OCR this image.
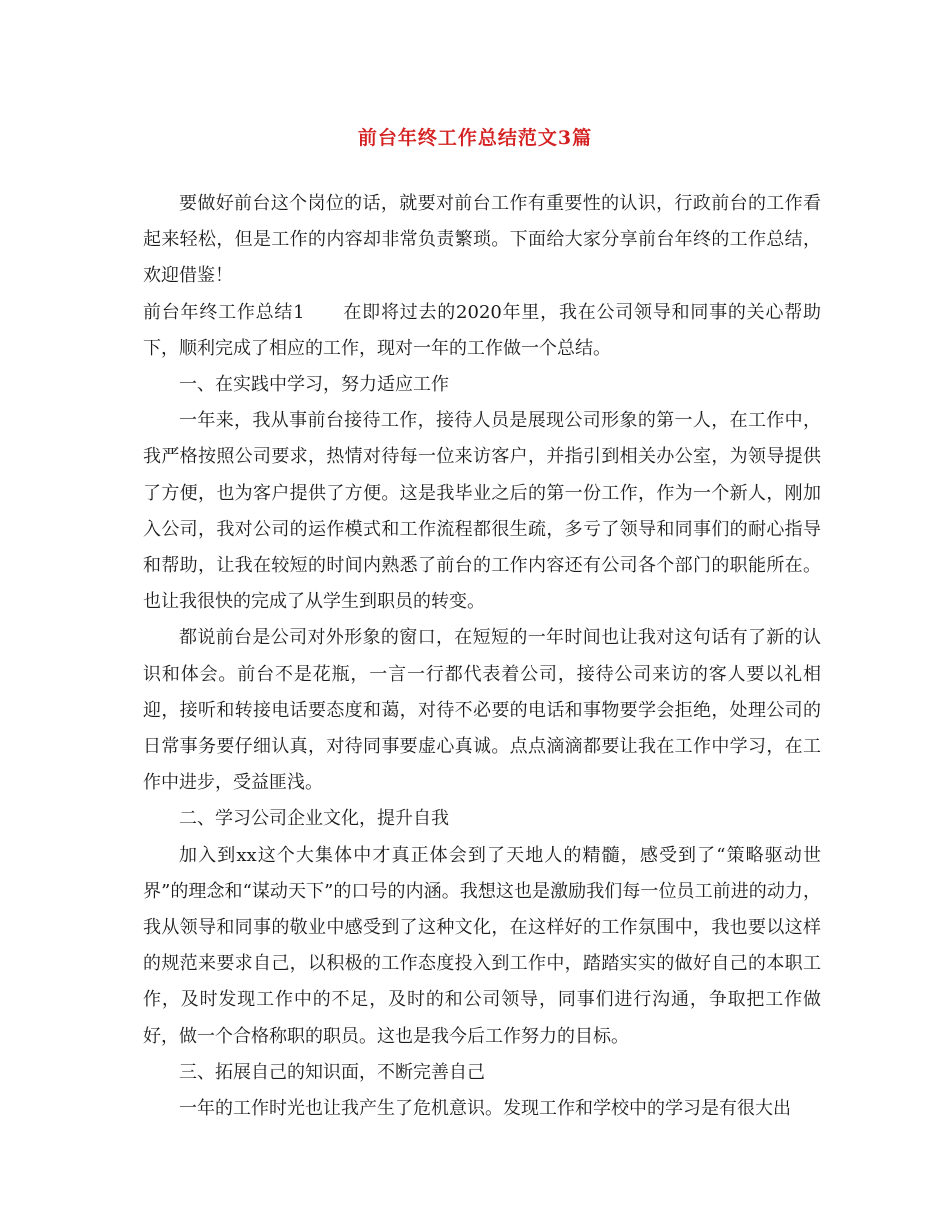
前台年终工作总结范文3篇

要做好前台这个岗位的话，就要对前台工作有重要性的认识，行政前台的工作看起来轻松，但是工作的内容却非常负责繁琐。下面给大家分享前台年终的工作总结，欢迎借鉴！

前台年终工作总结1 在即将过去的2020年里，我在公司领导和同事的关心帮助下，顺利完成了相应的工作，现对一年的工作做一个总结。

一、在实践中学习，努力适应工作

一年来，我从事前台接待工作，接待人员是展现公司形象的第一人，在工作中，我严格按照公司要求，热情对待每一位来访客户，并指引到相关办公室，为领导提供了方便，也为客户提供了方便。这是我毕业之后的第一份工作，作为一个新人，刚加入公司，我对公司的运作模式和工作流程都很生疏，多亏了领导和同事们的耐心指导和帮助，让我在较短的时间内熟悉了前台的工作内容还有公司各个部门的职能所在。也让我很快的完成了从学生到职员的转变。

都说前台是公司对外形象的窗口，在短短的一年时间也让我对这句话有了新的认识和体会。前台不是花瓶，一言一行都代表着公司，接待公司来访的客人要以礼相迎，接听和转接电话要态度和蔼，对待不必要的电话和事物要学会拒绝，处理公司的日常事务要仔细认真，对待同事要虚心真诚。点点滴滴都要让我在工作中学习，在工作中进步，受益匪浅。

二、学习公司企业文化，提升自我

加入到xx这个大集体中才真正体会到了天地人的精髓，感受到了“策略驱动世界”的理念和“谋动天下”的口号的内涵。我想这也是激励我们每一位员工前进的动力，我从领导和同事的敬业中感受到了这种文化，在这样好的工作氛围中，我也要以这样的规范来要求自己，以积极的工作态度投入到工作中，踏踏实实的做好自己的本职工作，及时发现工作中的不足，及时的和公司领导，同事们进行沟通，争取把工作做好，做一个合格称职的职员。这也是我今后工作努力的目标。

三、拓展自己的知识面，不断完善自己

一年的工作时光也让我产生了危机意识。发现工作和学校中的学习是有很大出
